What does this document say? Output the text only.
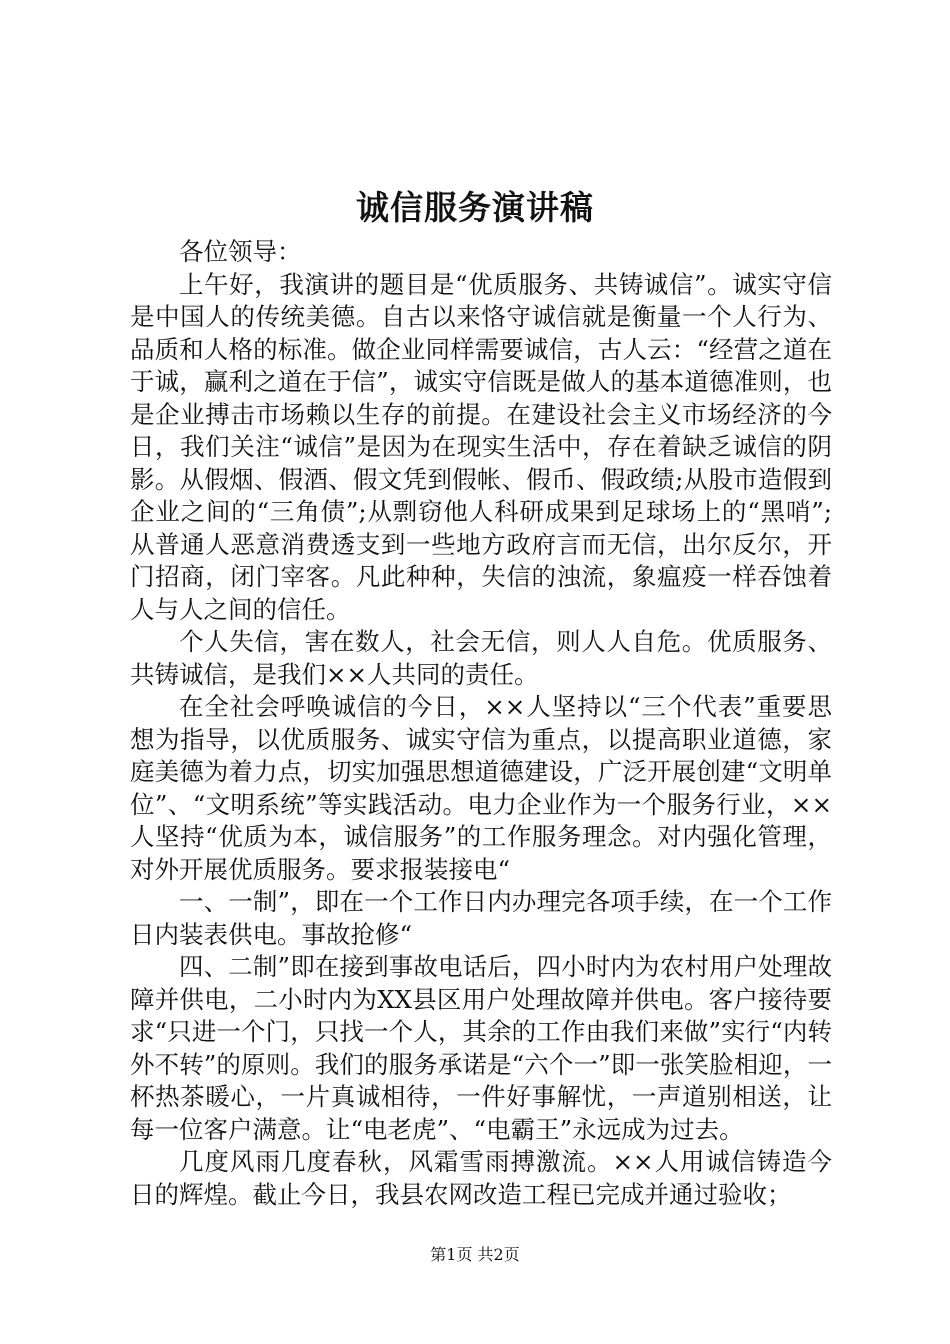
诚信服务演讲稿

各位领导：

上午好，我演讲的题目是“优质服务、共铸诚信”。诚实守信是中国人的传统美德。自古以来恪守诚信就是衡量一个人行为、品质和人格的标准。做企业同样需要诚信，古人云：“经营之道在于诚，赢利之道在于信”，诚实守信既是做人的基本道德准则，也是企业搏击市场赖以生存的前提。在建设社会主义市场经济的今日，我们关注“诚信”是因为在现实生活中，存在着缺乏诚信的阴影。从假烟、假酒、假文凭到假帐、假币、假政绩;从股市造假到企业之间的“三角债”;从剽窃他人科研成果到足球场上的“黑哨”;从普通人恶意消费透支到一些地方政府言而无信，出尔反尔，开门招商，闭门宰客。凡此种种，失信的浊流，象瘟疫一样吞蚀着人与人之间的信任。

个人失信，害在数人，社会无信，则人人自危。优质服务、共铸诚信，是我们××人共同的责任。

在全社会呼唤诚信的今日，××人坚持以“三个代表”重要思想为指导，以优质服务、诚实守信为重点，以提高职业道德，家庭美德为着力点，切实加强思想道德建设，广泛开展创建“文明单位”、“文明系统”等实践活动。电力企业作为一个服务行业，××人坚持“优质为本，诚信服务”的工作服务理念。对内强化管理，对外开展优质服务。要求报装接电“

一、一制”，即在一个工作日内办理完各项手续，在一个工作日内装表供电。事故抢修“

四、二制”即在接到事故电话后，四小时内为农村用户处理故障并供电，二小时内为XX县区用户处理故障并供电。客户接待要求“只进一个门，只找一个人，其余的工作由我们来做”实行“内转外不转”的原则。我们的服务承诺是“六个一”即一张笑脸相迎，一杯热茶暖心，一片真诚相待，一件好事解忧，一声道别相送，让每一位客户满意。让“电老虎”、“电霸王”永远成为过去。

几度风雨几度春秋，风霜雪雨搏激流。××人用诚信铸造今日的辉煌。截止今日，我县农网改造工程已完成并通过验收；

第1页 共2页
